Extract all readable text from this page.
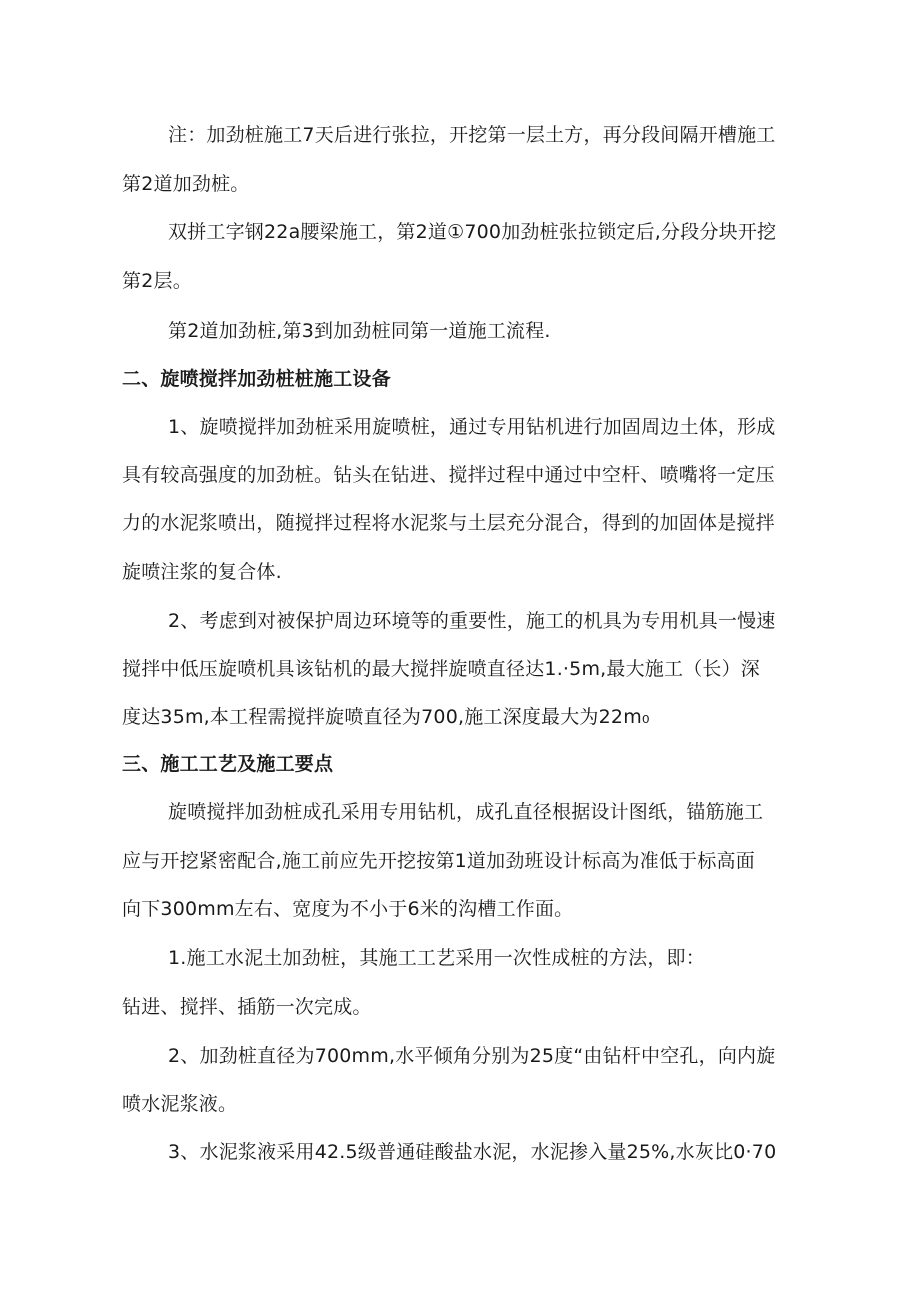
注：加劲桩施工7天后进行张拉，开挖第一层土方，再分段间隔开槽施工
第2道加劲桩。
双拼工字钢22a腰梁施工，第2道①700加劲桩张拉锁定后,分段分块开挖
第2层。
第2道加劲桩,第3到加劲桩同第一道施工流程.
二、旋喷搅拌加劲桩桩施工设备
1、旋喷搅拌加劲桩采用旋喷桩，通过专用钻机进行加固周边土体，形成
具有较高强度的加劲桩。钻头在钻进、搅拌过程中通过中空杆、喷嘴将一定压
力的水泥浆喷出，随搅拌过程将水泥浆与土层充分混合，得到的加固体是搅拌
旋喷注浆的复合体.
2、考虑到对被保护周边环境等的重要性，施工的机具为专用机具一慢速
搅拌中低压旋喷机具该钻机的最大搅拌旋喷直径达1.·5m,最大施工（长）深
度达35m,本工程需搅拌旋喷直径为700,施工深度最大为22m₀
三、施工工艺及施工要点
旋喷搅拌加劲桩成孔采用专用钻机，成孔直径根据设计图纸，锚筋施工
应与开挖紧密配合,施工前应先开挖按第1道加劲班设计标高为准低于标高面
向下300mm左右、宽度为不小于6米的沟槽工作面。
1.施工水泥土加劲桩，其施工工艺采用一次性成桩的方法，即：
钻进、搅拌、插筋一次完成。
2、加劲桩直径为700mm,水平倾角分别为25度“由钻杆中空孔，向内旋
喷水泥浆液。
3、水泥浆液采用42.5级普通硅酸盐水泥，水泥掺入量25%,水灰比0·70
